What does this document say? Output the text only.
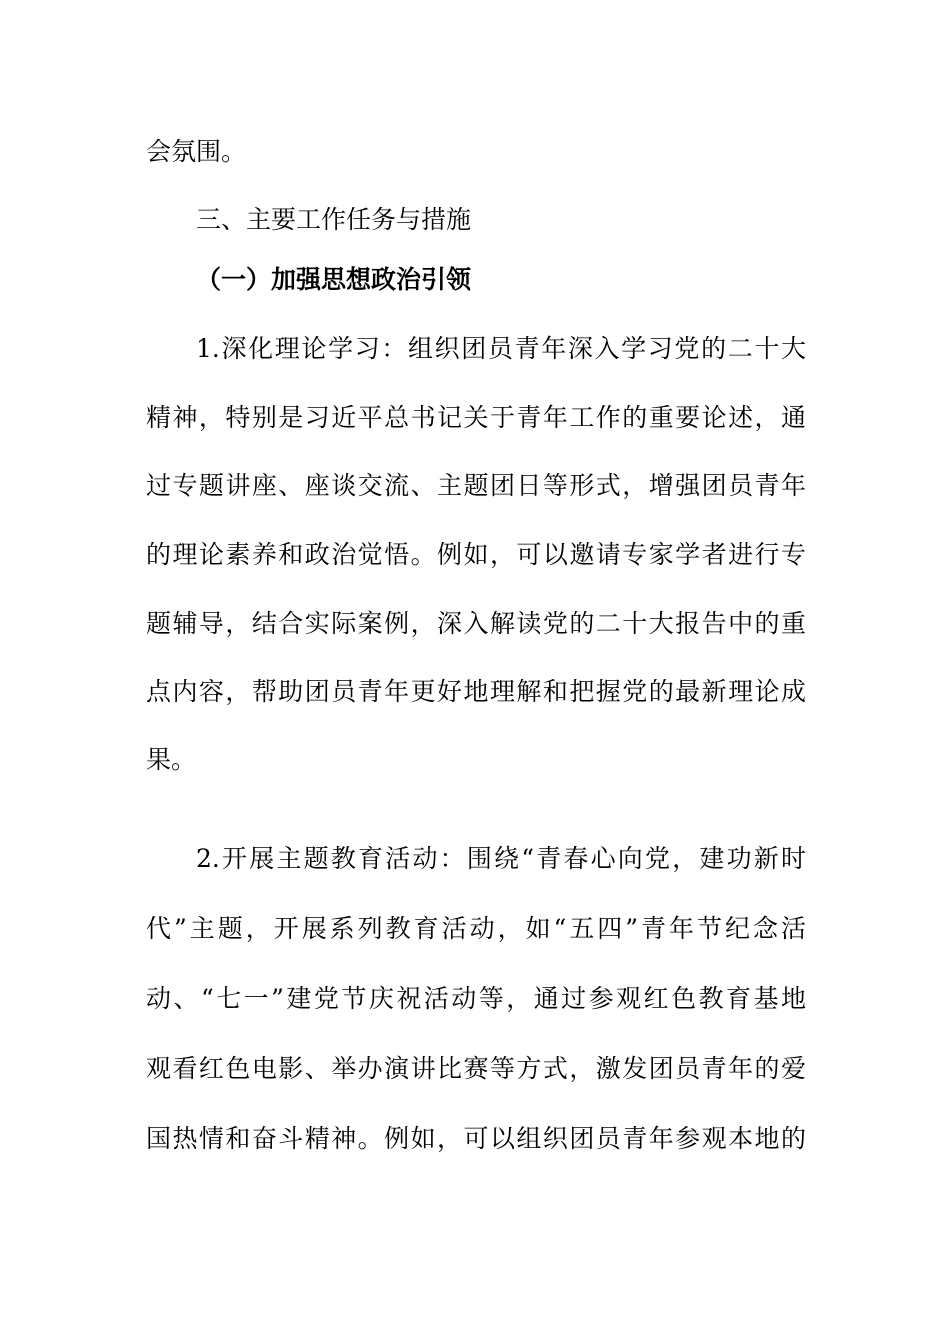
会氛围。
三、主要工作任务与措施
（一）加强思想政治引领
1.深化理论学习：组织团员青年深入学习党的二十大
精神，特别是习近平总书记关于青年工作的重要论述，通
过专题讲座、座谈交流、主题团日等形式，增强团员青年
的理论素养和政治觉悟。例如，可以邀请专家学者进行专
题辅导，结合实际案例，深入解读党的二十大报告中的重
点内容，帮助团员青年更好地理解和把握党的最新理论成
果。
2.开展主题教育活动：围绕“青春心向党，建功新时
代”主题，开展系列教育活动，如“五四”青年节纪念活
动、“七一”建党节庆祝活动等，通过参观红色教育基地
观看红色电影、举办演讲比赛等方式，激发团员青年的爱
国热情和奋斗精神。例如，可以组织团员青年参观本地的
